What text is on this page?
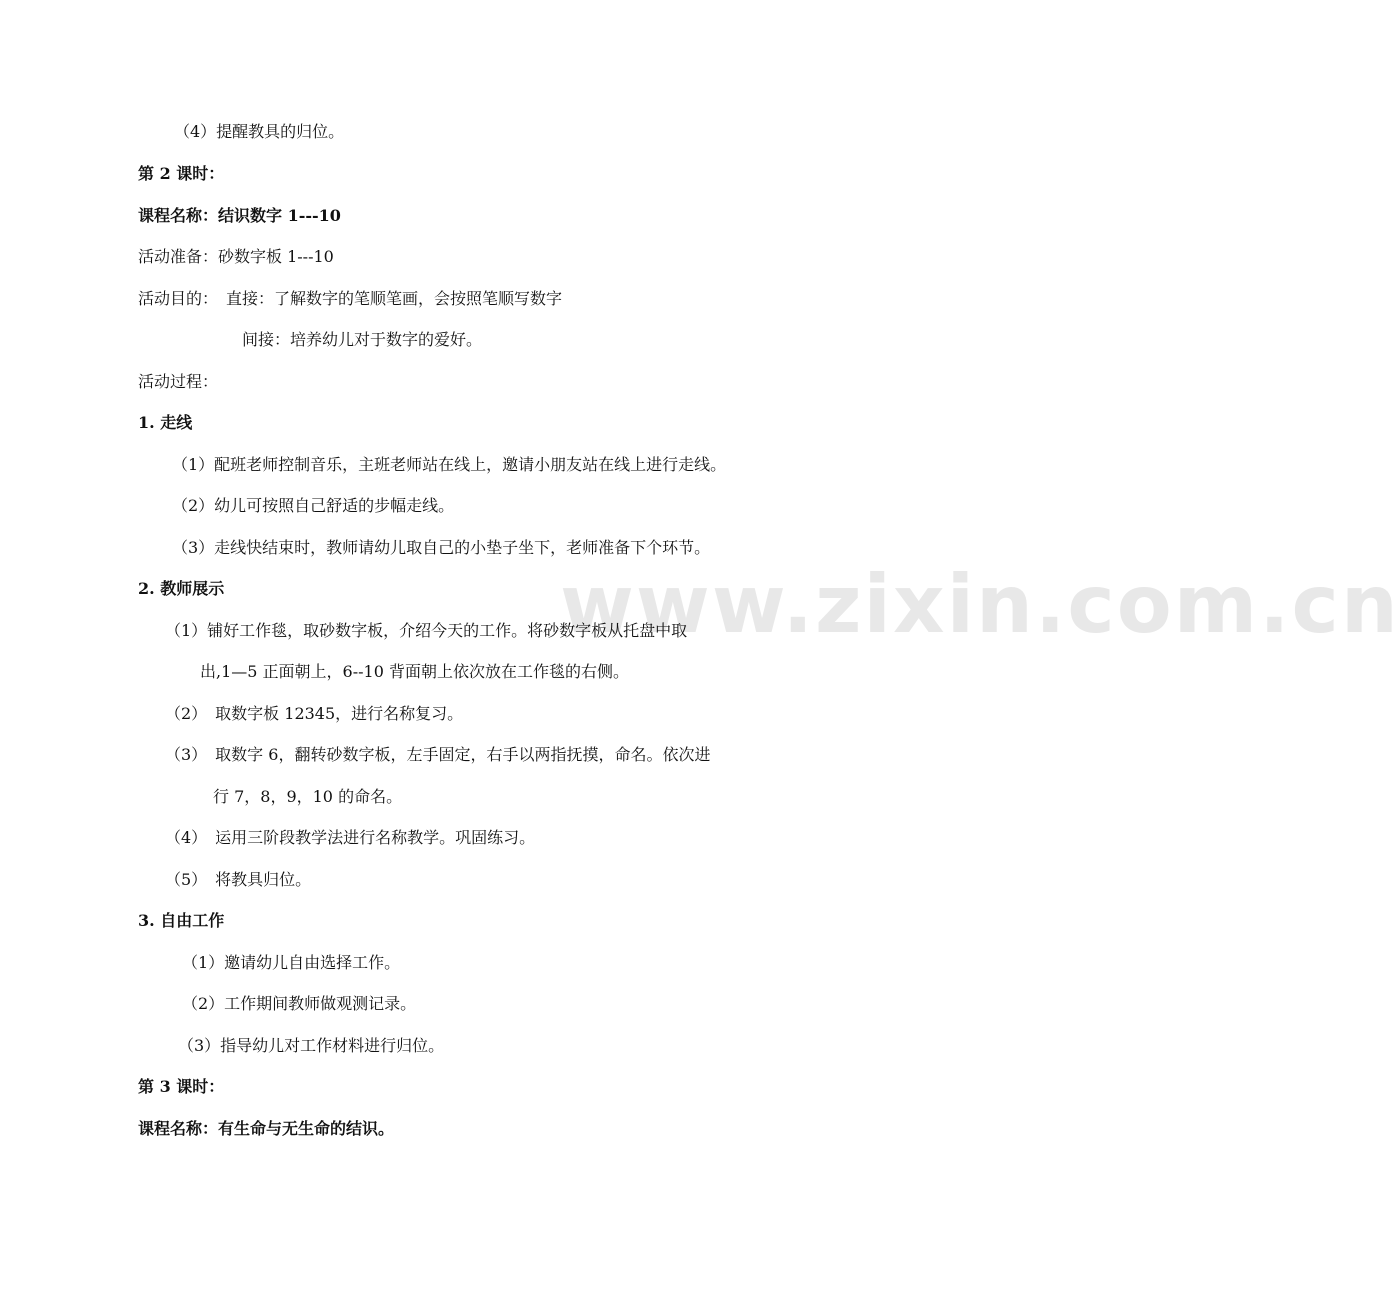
www.zixin.com.cn
（4）提醒教具的归位。
第 2 课时：
课程名称：结识数字 1---10
活动准备：砂数字板 1---10
活动目的：　直接：了解数字的笔顺笔画，会按照笔顺写数字
间接：培养幼儿对于数字的爱好。
活动过程：
1. 走线
（1）配班老师控制音乐，主班老师站在线上，邀请小朋友站在线上进行走线。
（2）幼儿可按照自己舒适的步幅走线。
（3）走线快结束时，教师请幼儿取自己的小垫子坐下，老师准备下个环节。
2. 教师展示
（1）铺好工作毯，取砂数字板，介绍今天的工作。将砂数字板从托盘中取
出,1—5 正面朝上，6--10 背面朝上依次放在工作毯的右侧。
（2）　取数字板 12345，进行名称复习。
（3）　取数字 6，翻转砂数字板，左手固定，右手以两指抚摸，命名。依次进
行 7，8，9，10 的命名。
（4）　运用三阶段教学法进行名称教学。巩固练习。
（5）　将教具归位。
3. 自由工作
（1）邀请幼儿自由选择工作。
（2）工作期间教师做观测记录。
（3）指导幼儿对工作材料进行归位。
第 3 课时：
课程名称：有生命与无生命的结识。
